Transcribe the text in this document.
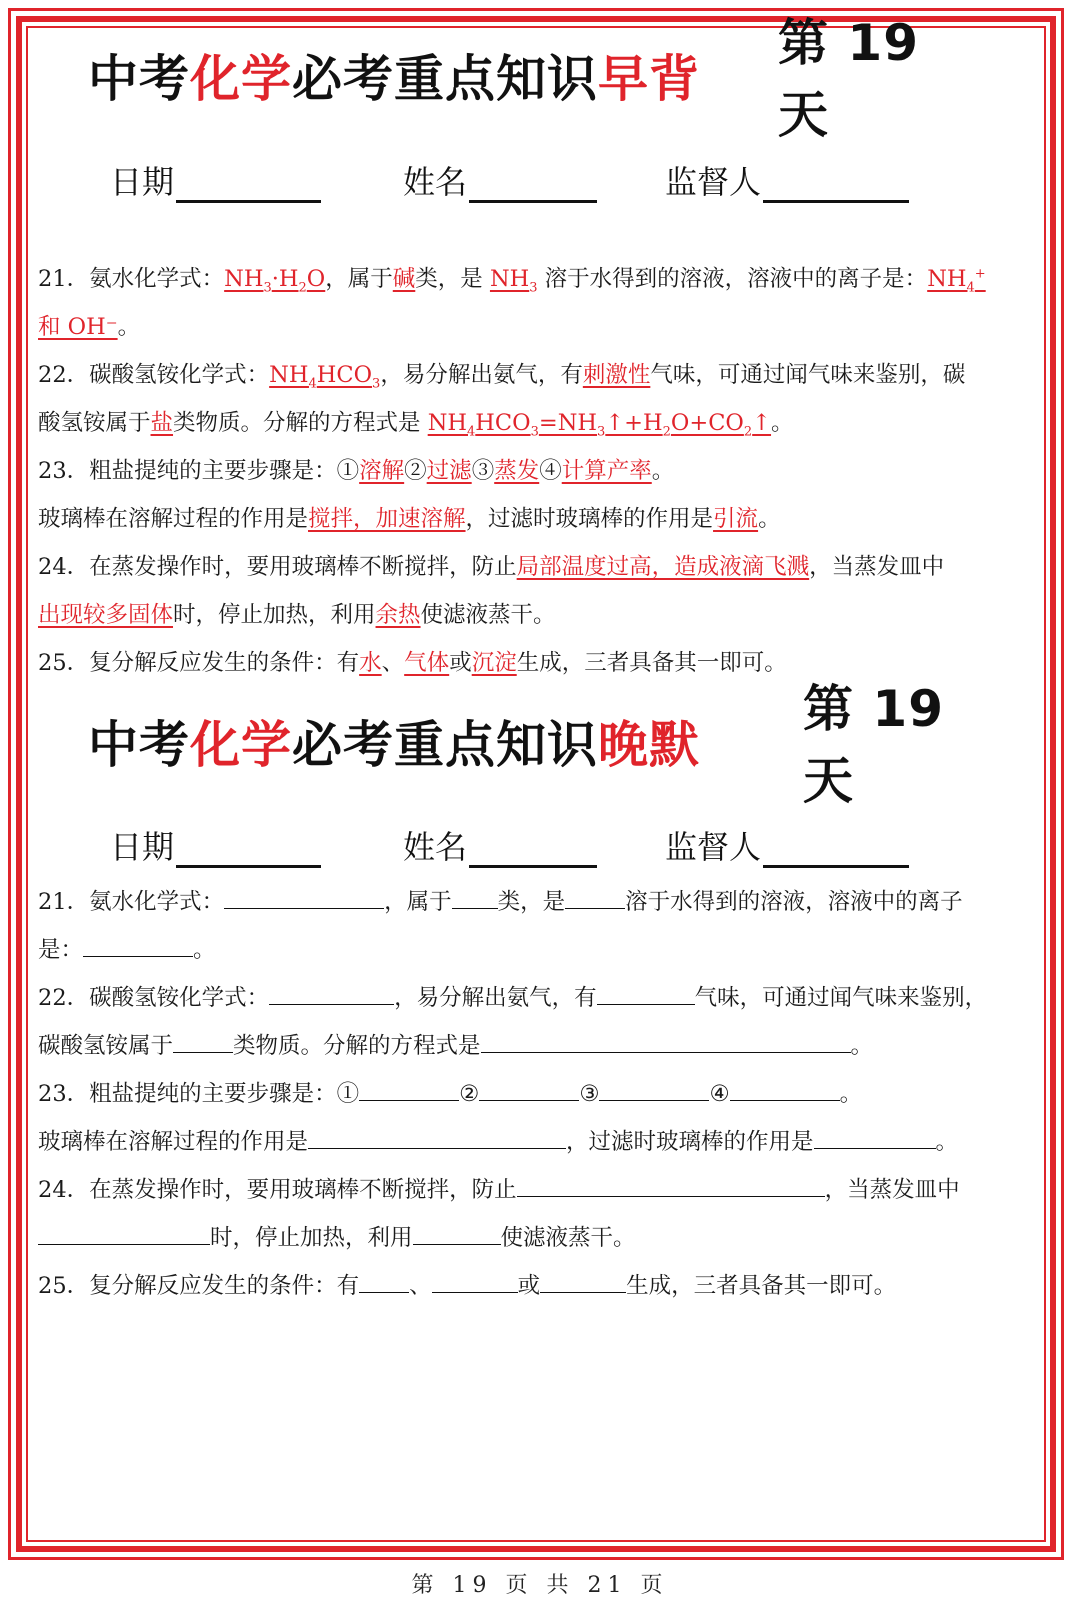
中考 化学 必考重点知识 早背
第 19 天
日期	姓名	监督人
21．氨水化学式：$NH_3\cdot H_2O$，属于碱类，是 $NH_3$ 溶于水得到的溶液，溶液中的离子是：$NH_4^+$
和 OH⁻。
22．碳酸氢铵化学式：$NH_4HCO_3$，易分解出氨气，有刺激性气味，可通过闻气味来鉴别，碳
酸氢铵属于盐类物质。分解的方程式是 $NH_4HCO_3=NH_3↑+H_2O+CO_2↑$。
23．粗盐提纯的主要步骤是：①溶解②过滤③蒸发④计算产率。
玻璃棒在溶解过程的作用是搅拌，加速溶解，过滤时玻璃棒的作用是引流。
24．在蒸发操作时，要用玻璃棒不断搅拌，防止局部温度过高，造成液滴飞溅，当蒸发皿中
出现较多固体时，停止加热，利用余热使滤液蒸干。
25．复分解反应发生的条件：有水、气体或沉淀生成，三者具备其一即可。
中考 化学 必考重点知识 晚默
第 19 天
日期	姓名	监督人
21．氨水化学式：	，属于 类，是	溶于水得到的溶液，溶液中的离子
是：	。
22．碳酸氢铵化学式：	，易分解出氨气，有	气味，可通过闻气味来鉴别，
碳酸氢铵属于	类物质。分解的方程式是	。
23．粗盐提纯的主要步骤是：①	②	③	④	。
玻璃棒在溶解过程的作用是	，过滤时玻璃棒的作用是	。
24．在蒸发操作时，要用玻璃棒不断搅拌，防止	，当蒸发皿中
时，停止加热，利用	使滤液蒸干。
25．复分解反应发生的条件：有 、	或	生成，三者具备其一即可。
第 19 页 共 21 页
